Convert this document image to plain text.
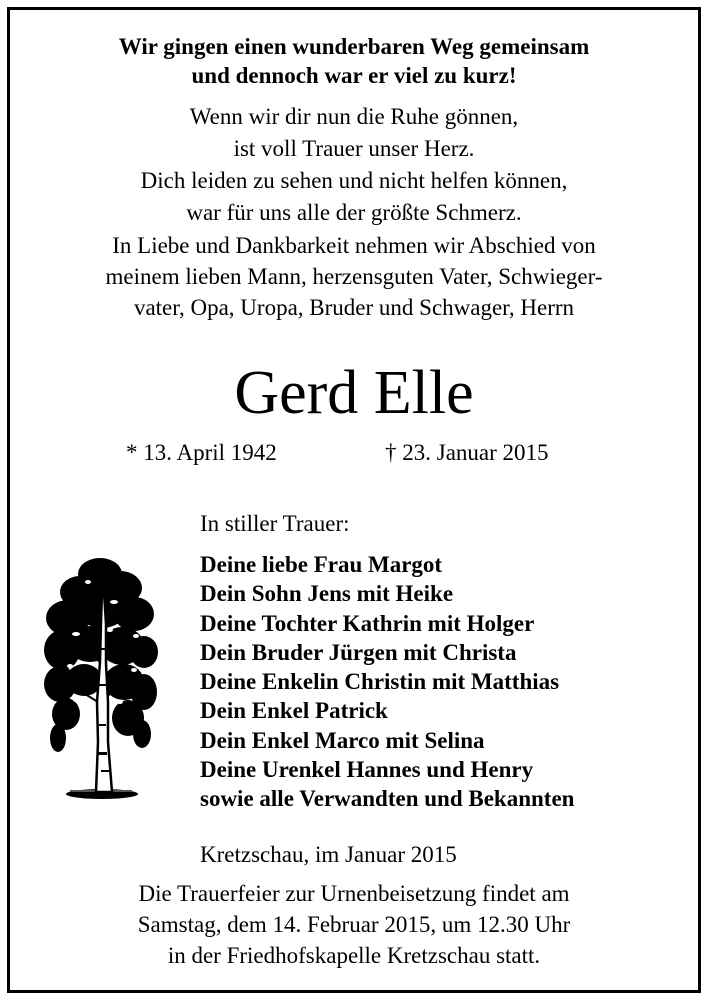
Wir gingen einen wunderbaren Weg gemeinsam
und dennoch war er viel zu kurz!
Wenn wir dir nun die Ruhe gönnen,
ist voll Trauer unser Herz.
Dich leiden zu sehen und nicht helfen können,
war für uns alle der größte Schmerz.
In Liebe und Dankbarkeit nehmen wir Abschied von
meinem lieben Mann, herzensguten Vater, Schwieger-
vater, Opa, Uropa, Bruder und Schwager, Herrn
Gerd Elle
* 13. April 1942	† 23. Januar 2015
In stiller Trauer:
Deine liebe Frau Margot
Dein Sohn Jens mit Heike
Deine Tochter Kathrin mit Holger
Dein Bruder Jürgen mit Christa
Deine Enkelin Christin mit Matthias
Dein Enkel Patrick
Dein Enkel Marco mit Selina
Deine Urenkel Hannes und Henry
sowie alle Verwandten und Bekannten
Kretzschau, im Januar 2015
Die Trauerfeier zur Urnenbeisetzung findet am
Samstag, dem 14. Februar 2015, um 12.30 Uhr
in der Friedhofskapelle Kretzschau statt.
